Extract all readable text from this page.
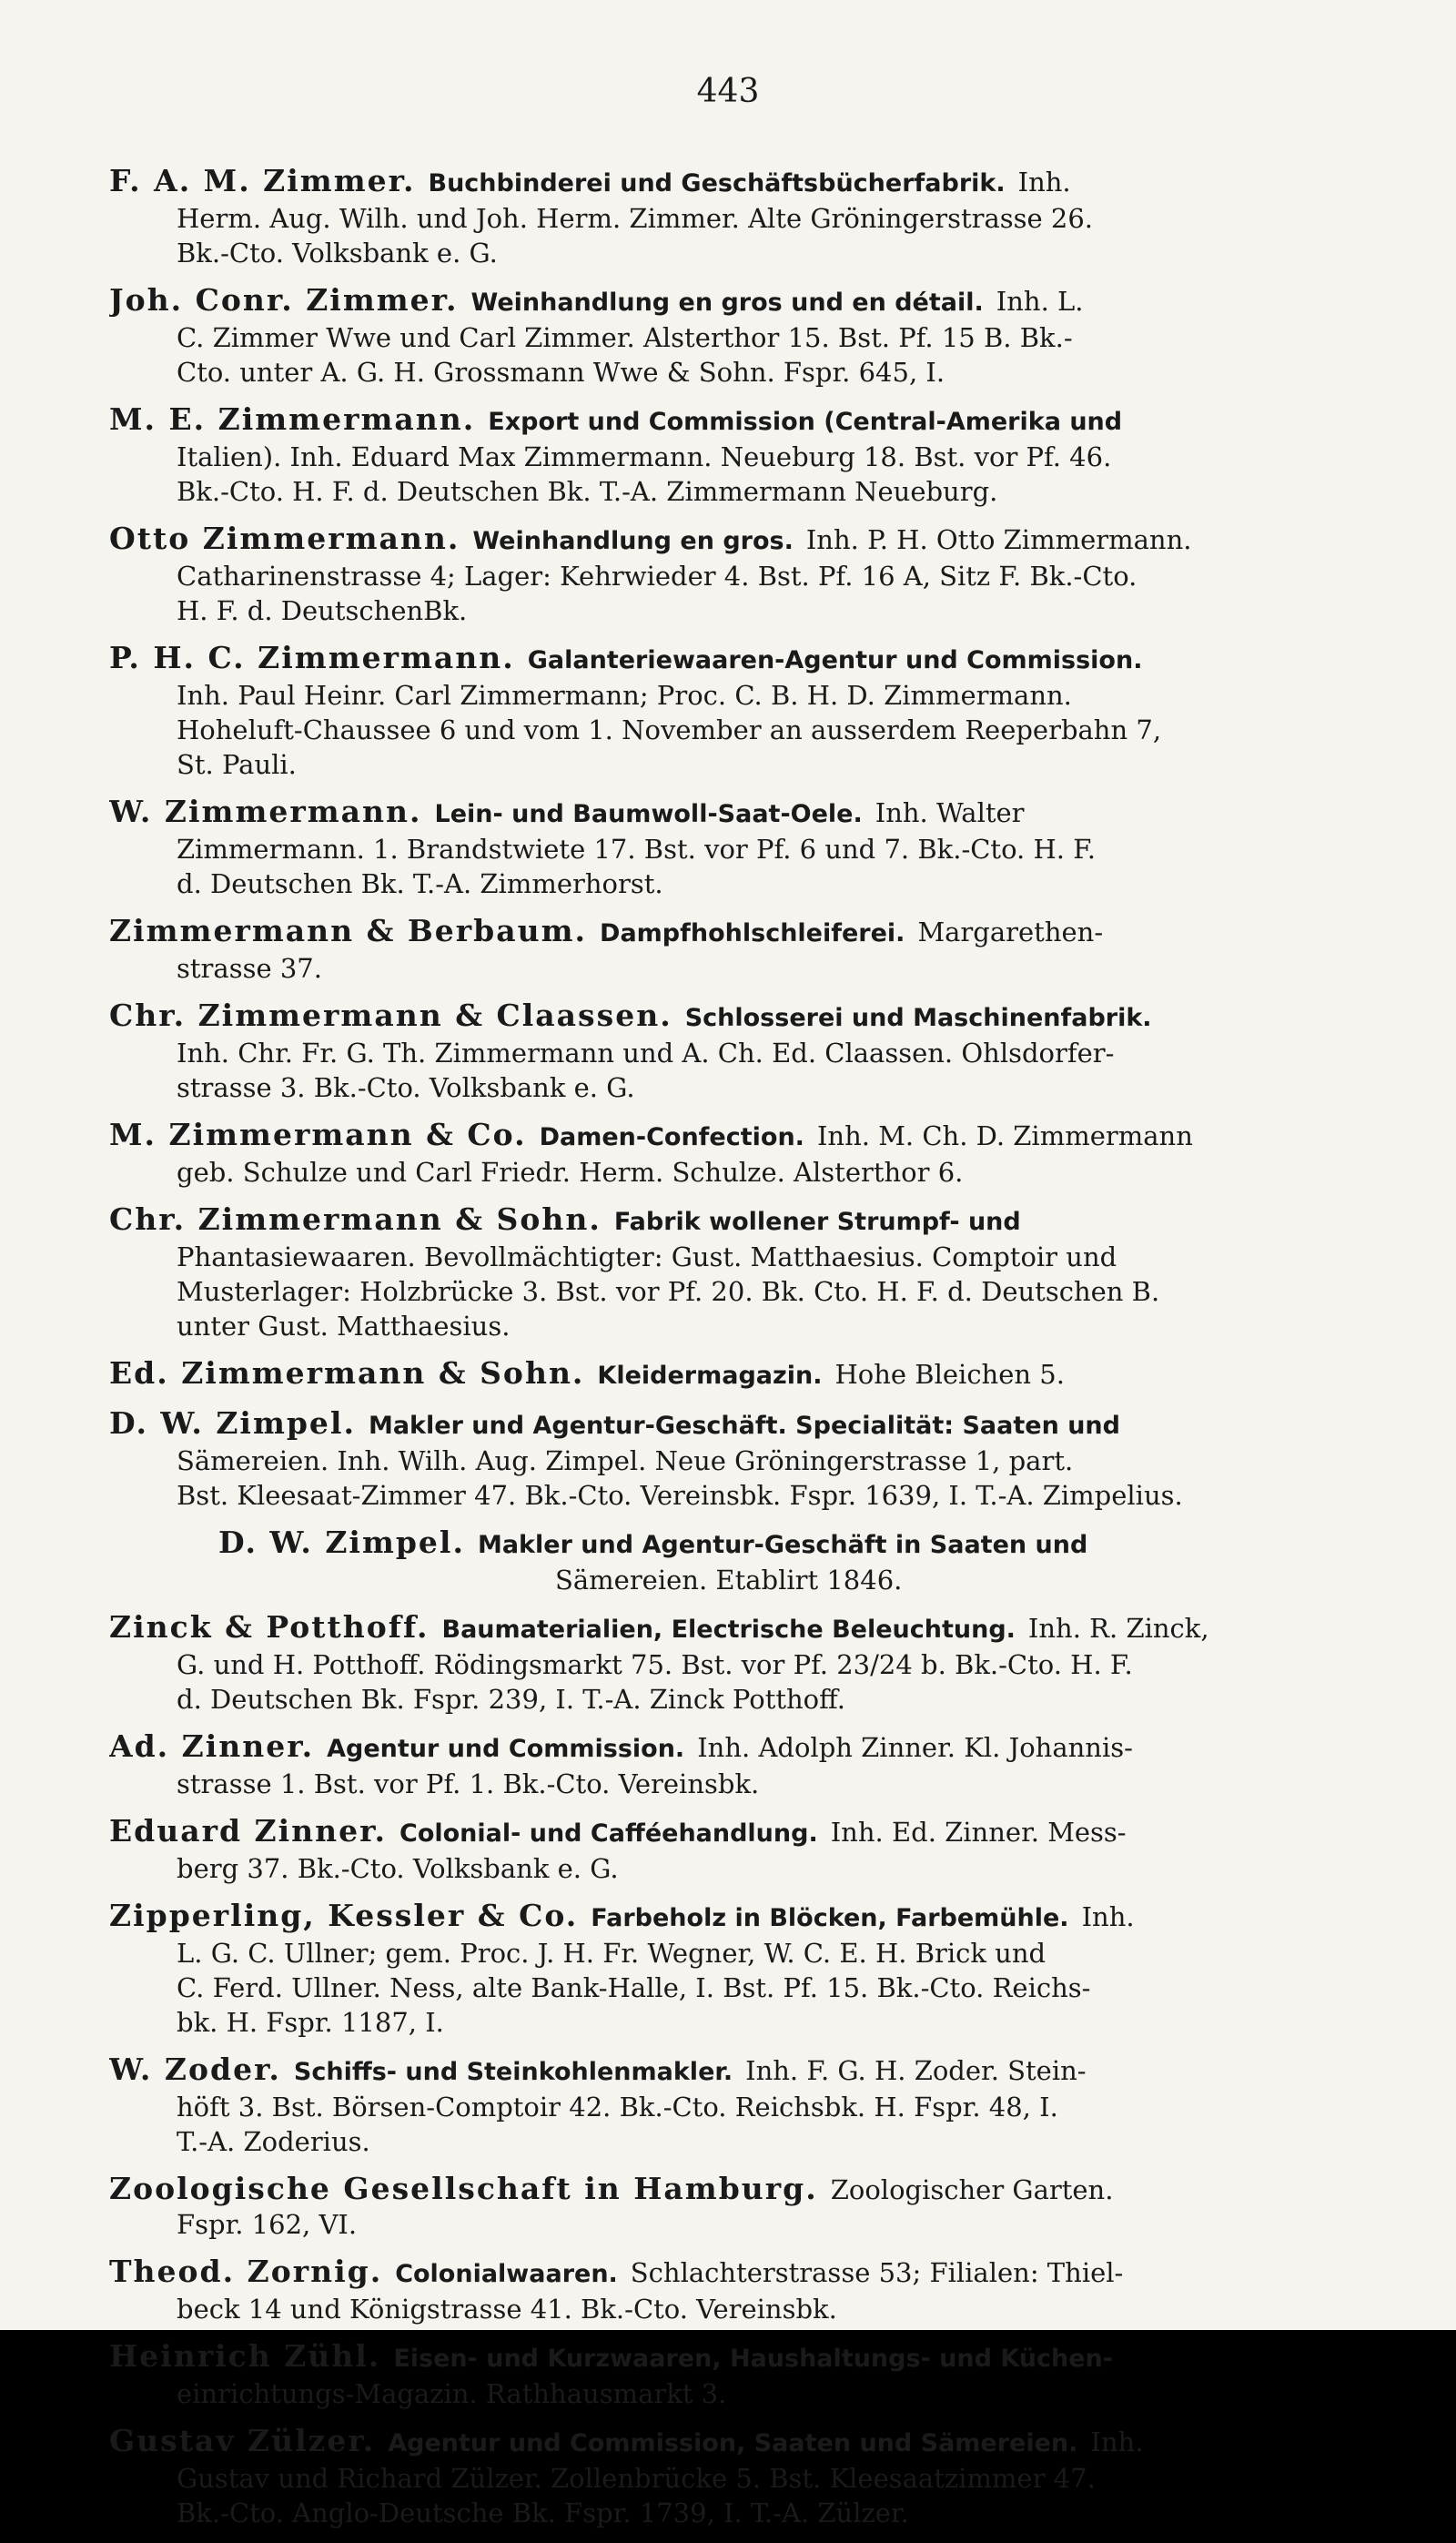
443
F. A. M. Zimmer. Buchbinderei und Geschäftsbücherfabrik. Inh.
Herm. Aug. Wilh. und Joh. Herm. Zimmer. Alte Gröningerstrasse 26.
Bk.-Cto. Volksbank e. G.
Joh. Conr. Zimmer. Weinhandlung en gros und en détail. Inh. L.
C. Zimmer Wwe und Carl Zimmer. Alsterthor 15. Bst. Pf. 15 B. Bk.-
Cto. unter A. G. H. Grossmann Wwe & Sohn. Fspr. 645, I.
M. E. Zimmermann. Export und Commission (Central-Amerika und
Italien). Inh. Eduard Max Zimmermann. Neueburg 18. Bst. vor Pf. 46.
Bk.-Cto. H. F. d. Deutschen Bk. T.-A. Zimmermann Neueburg.
Otto Zimmermann. Weinhandlung en gros. Inh. P. H. Otto Zimmermann.
Catharinenstrasse 4; Lager: Kehrwieder 4. Bst. Pf. 16 A, Sitz F. Bk.-Cto.
H. F. d. DeutschenBk.
P. H. C. Zimmermann. Galanteriewaaren-Agentur und Commission.
Inh. Paul Heinr. Carl Zimmermann; Proc. C. B. H. D. Zimmermann.
Hoheluft-Chaussee 6 und vom 1. November an ausserdem Reeperbahn 7,
St. Pauli.
W. Zimmermann. Lein- und Baumwoll-Saat-Oele. Inh. Walter
Zimmermann. 1. Brandstwiete 17. Bst. vor Pf. 6 und 7. Bk.-Cto. H. F.
d. Deutschen Bk. T.-A. Zimmerhorst.
Zimmermann & Berbaum. Dampfhohlschleiferei. Margarethen-
strasse 37.
Chr. Zimmermann & Claassen. Schlosserei und Maschinenfabrik.
Inh. Chr. Fr. G. Th. Zimmermann und A. Ch. Ed. Claassen. Ohlsdorfer-
strasse 3. Bk.-Cto. Volksbank e. G.
M. Zimmermann & Co. Damen-Confection. Inh. M. Ch. D. Zimmermann
geb. Schulze und Carl Friedr. Herm. Schulze. Alsterthor 6.
Chr. Zimmermann & Sohn. Fabrik wollener Strumpf- und
Phantasiewaaren. Bevollmächtigter: Gust. Matthaesius. Comptoir und
Musterlager: Holzbrücke 3. Bst. vor Pf. 20. Bk. Cto. H. F. d. Deutschen B.
unter Gust. Matthaesius.
Ed. Zimmermann & Sohn. Kleidermagazin. Hohe Bleichen 5.
D. W. Zimpel. Makler und Agentur-Geschäft. Specialität: Saaten und
Sämereien. Inh. Wilh. Aug. Zimpel. Neue Gröningerstrasse 1, part.
Bst. Kleesaat-Zimmer 47. Bk.-Cto. Vereinsbk. Fspr. 1639, I. T.-A. Zimpelius.
D. W. Zimpel. Makler und Agentur-Geschäft in Saaten und
Sämereien. Etablirt 1846.
Zinck & Potthoff. Baumaterialien, Electrische Beleuchtung. Inh. R. Zinck,
G. und H. Potthoff. Rödingsmarkt 75. Bst. vor Pf. 23/24 b. Bk.-Cto. H. F.
d. Deutschen Bk. Fspr. 239, I. T.-A. Zinck Potthoff.
Ad. Zinner. Agentur und Commission. Inh. Adolph Zinner. Kl. Johannis-
strasse 1. Bst. vor Pf. 1. Bk.-Cto. Vereinsbk.
Eduard Zinner. Colonial- und Cafféehandlung. Inh. Ed. Zinner. Mess-
berg 37. Bk.-Cto. Volksbank e. G.
Zipperling, Kessler & Co. Farbeholz in Blöcken, Farbemühle. Inh.
L. G. C. Ullner; gem. Proc. J. H. Fr. Wegner, W. C. E. H. Brick und
C. Ferd. Ullner. Ness, alte Bank-Halle, I. Bst. Pf. 15. Bk.-Cto. Reichs-
bk. H. Fspr. 1187, I.
W. Zoder. Schiffs- und Steinkohlenmakler. Inh. F. G. H. Zoder. Stein-
höft 3. Bst. Börsen-Comptoir 42. Bk.-Cto. Reichsbk. H. Fspr. 48, I.
T.-A. Zoderius.
Zoologische Gesellschaft in Hamburg. Zoologischer Garten.
Fspr. 162, VI.
Theod. Zornig. Colonialwaaren. Schlachterstrasse 53; Filialen: Thiel-
beck 14 und Königstrasse 41. Bk.-Cto. Vereinsbk.
Heinrich Zühl. Eisen- und Kurzwaaren, Haushaltungs- und Küchen-
einrichtungs-Magazin. Rathhausmarkt 3.
Gustav Zülzer. Agentur und Commission, Saaten und Sämereien. Inh.
Gustav und Richard Zülzer. Zollenbrücke 5. Bst. Kleesaatzimmer 47.
Bk.-Cto. Anglo-Deutsche Bk. Fspr. 1739, I. T.-A. Zülzer.
